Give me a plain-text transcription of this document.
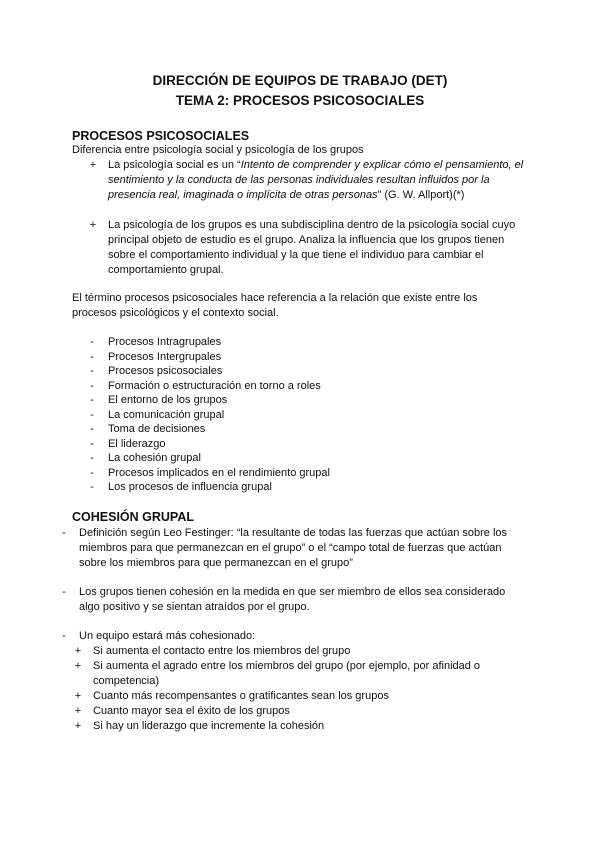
DIRECCIÓN DE EQUIPOS DE TRABAJO (DET)
TEMA 2: PROCESOS PSICOSOCIALES
PROCESOS PSICOSOCIALES
Diferencia entre psicología social y psicología de los grupos
+ La psicología social es un “Intento de comprender y explicar cómo el pensamiento, el
sentimiento y la conducta de las personas individuales resultan influidos por la
presencia real, imaginada o implícita de otras personas” (G. W. Allport)(*)
+ La psicología de los grupos es una subdisciplina dentro de la psicología social cuyo
principal objeto de estudio es el grupo. Analiza la influencia que los grupos tienen
sobre el comportamiento individual y la que tiene el individuo para cambiar el
comportamiento grupal.
El término procesos psicosociales hace referencia a la relación que existe entre los
procesos psicológicos y el contexto social.
-	Procesos Intragrupales
-	Procesos Intergrupales
-	Procesos psicosociales
-	Formación o estructuración en torno a roles
-	El entorno de los grupos
-	La comunicación grupal
-	Toma de decisiones
-	El liderazgo
-	La cohesión grupal
-	Procesos implicados en el rendimiento grupal
-	Los procesos de influencia grupal
COHESIÓN GRUPAL
-	Definición según Leo Festinger: “la resultante de todas las fuerzas que actúan sobre los
miembros para que permanezcan en el grupo” o el “campo total de fuerzas que actúan
sobre los miembros para que permanezcan en el grupo”
-	Los grupos tienen cohesión en la medida en que ser miembro de ellos sea considerado
algo positivo y se sientan atraídos por el grupo.
-	Un equipo estará más cohesionado:
+ Si aumenta el contacto entre los miembros del grupo
+ Si aumenta el agrado entre los miembros del grupo (por ejemplo, por afinidad o
competencia)
+ Cuanto más recompensantes o gratificantes sean los grupos
+ Cuanto mayor sea el éxito de los grupos
+ Si hay un liderazgo que incremente la cohesión
